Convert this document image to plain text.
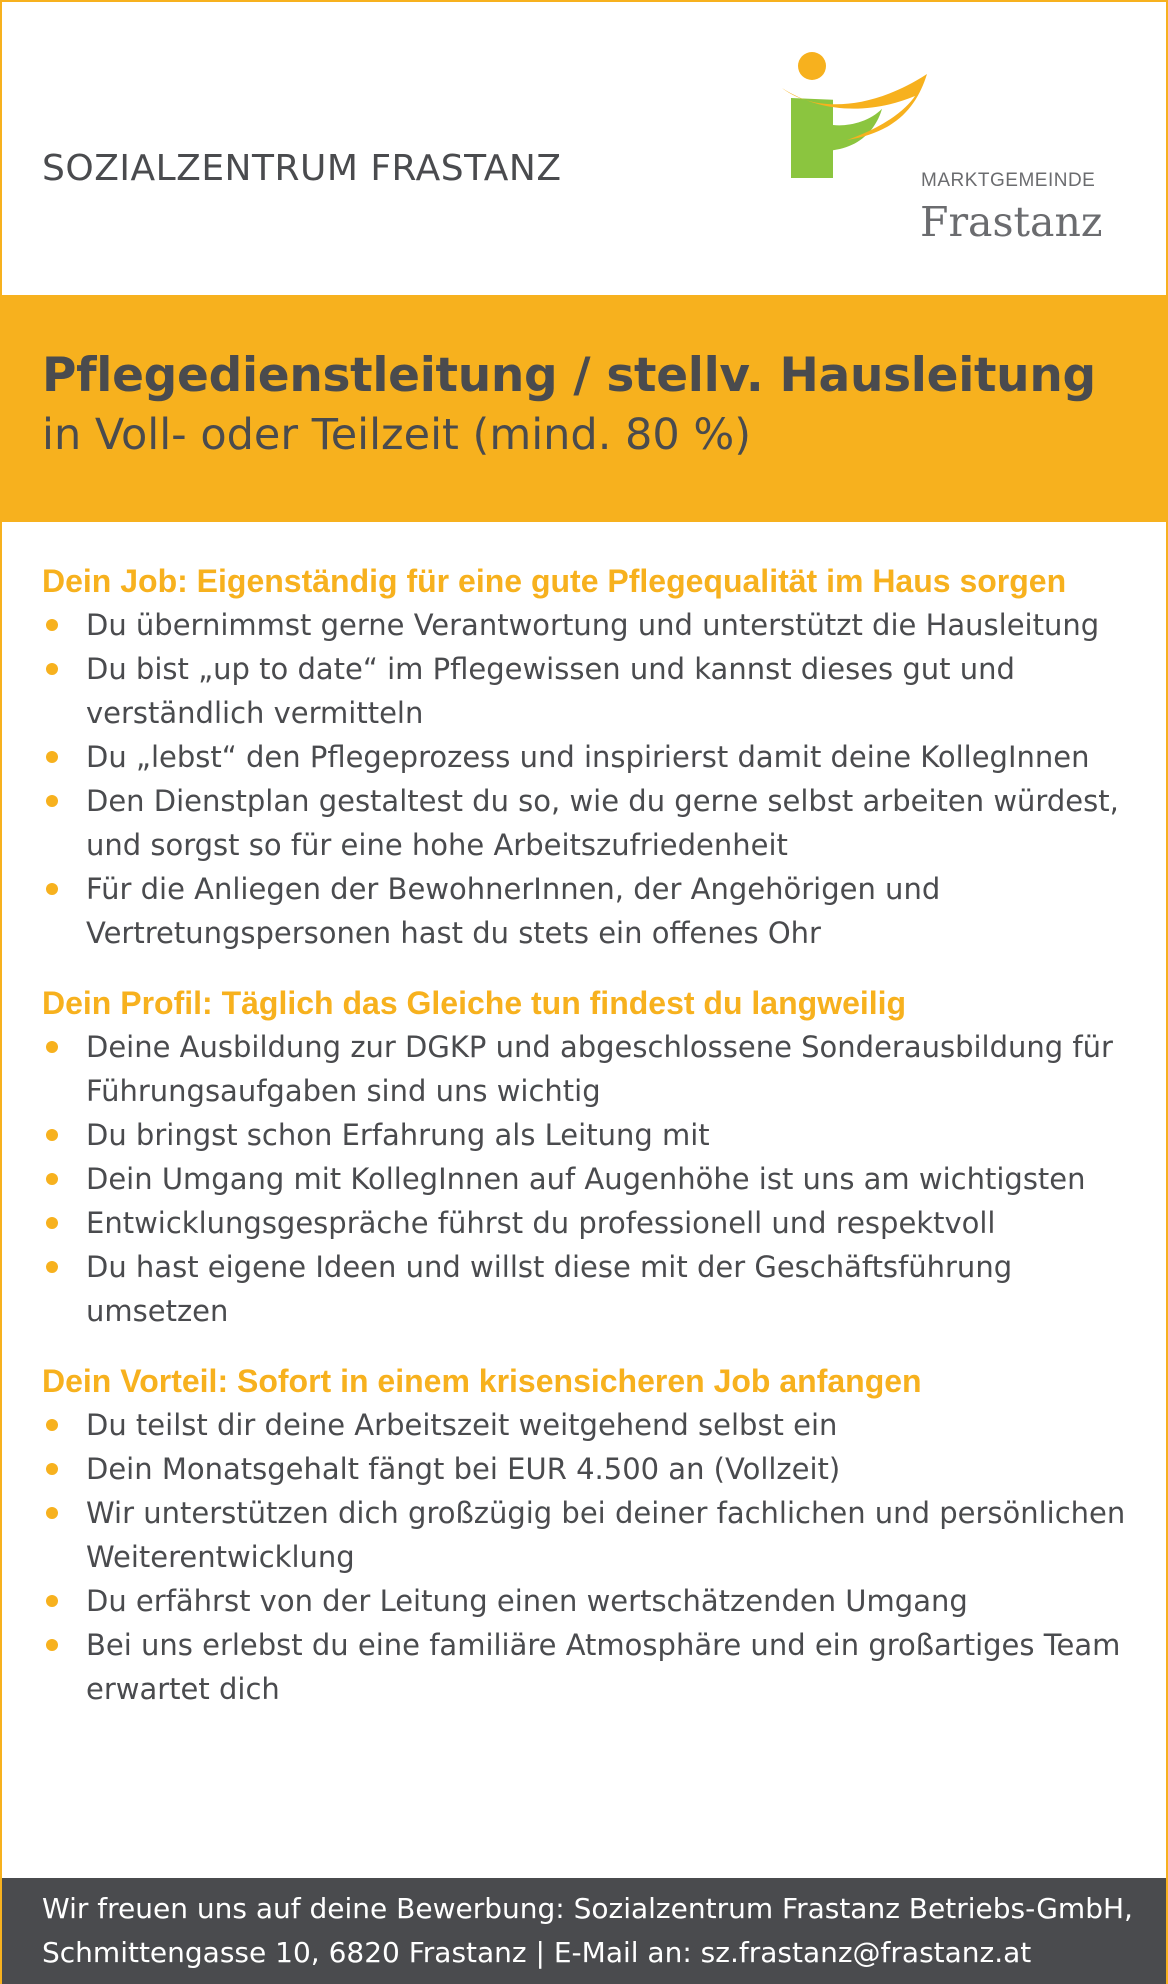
SOZIALZENTRUM FRASTANZ	MARKTGEMEINDE
Frastanz
Pflegedienstleitung / stellv. Hausleitung
in Voll- oder Teilzeit (mind. 80 %)
Dein Job: Eigenständig für eine gute Pflegequalität im Haus sorgen
Du übernimmst gerne Verantwortung und unterstützt die Hausleitung
Du bist „up to date“ im Pflegewissen und kannst dieses gut und verständlich vermitteln
Du „lebst“ den Pflegeprozess und inspirierst damit deine KollegInnen
Den Dienstplan gestaltest du so, wie du gerne selbst arbeiten würdest, und sorgst so für eine hohe Arbeitszufriedenheit
Für die Anliegen der BewohnerInnen, der Angehörigen und Vertretungspersonen hast du stets ein offenes Ohr
Dein Profil: Täglich das Gleiche tun findest du langweilig
Deine Ausbildung zur DGKP und abgeschlossene Sonderausbildung für Führungsaufgaben sind uns wichtig
Du bringst schon Erfahrung als Leitung mit
Dein Umgang mit KollegInnen auf Augenhöhe ist uns am wichtigsten
Entwicklungsgespräche führst du professionell und respektvoll
Du hast eigene Ideen und willst diese mit der Geschäftsführung umsetzen
Dein Vorteil: Sofort in einem krisensicheren Job anfangen
Du teilst dir deine Arbeitszeit weitgehend selbst ein
Dein Monatsgehalt fängt bei EUR 4.500 an (Vollzeit)
Wir unterstützen dich großzügig bei deiner fachlichen und persönlichen Weiterentwicklung
Du erfährst von der Leitung einen wertschätzenden Umgang
Bei uns erlebst du eine familiäre Atmosphäre und ein großartiges Team erwartet dich
Wir freuen uns auf deine Bewerbung: Sozialzentrum Frastanz Betriebs-GmbH,
Schmittengasse 10, 6820 Frastanz | E-Mail an: sz.frastanz@frastanz.at
